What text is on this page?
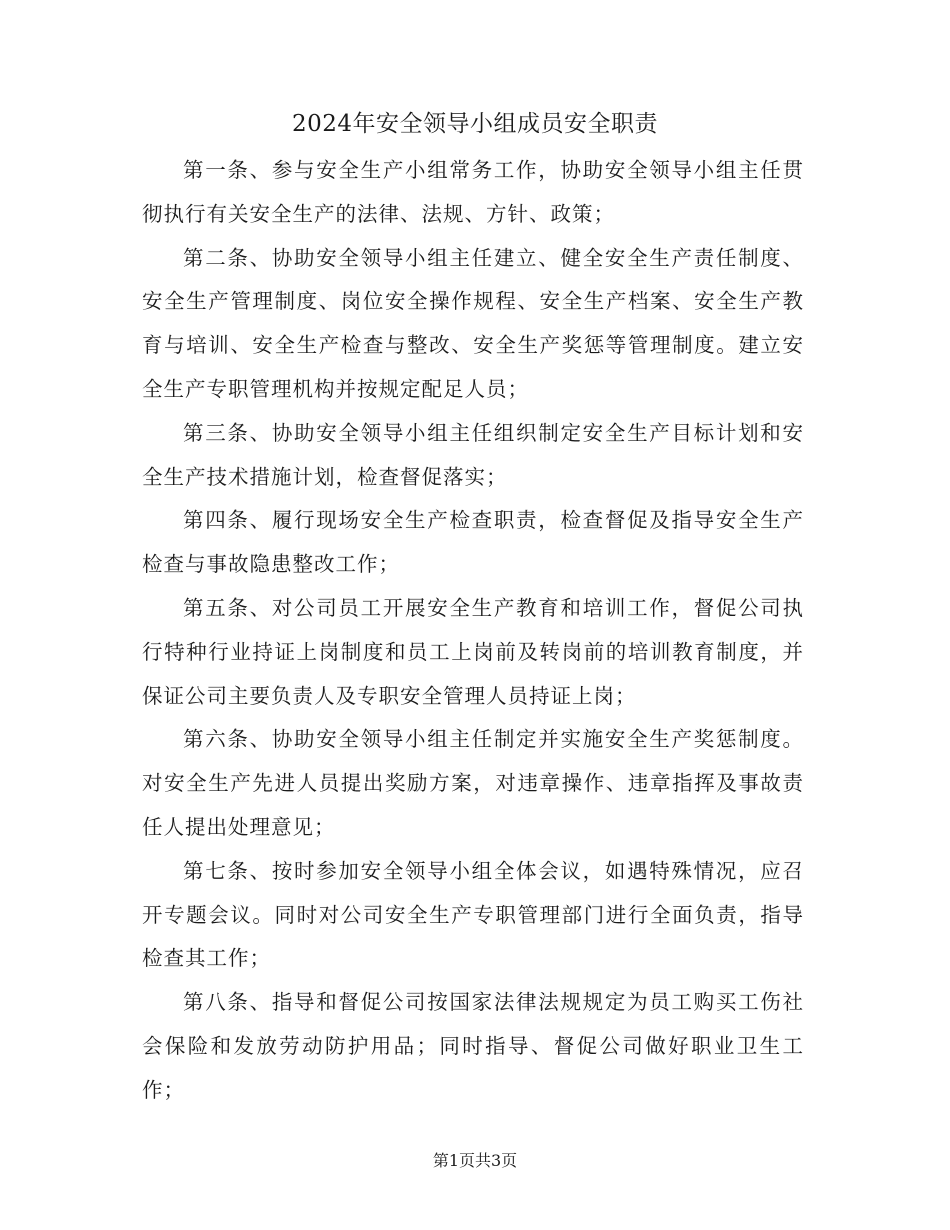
2024年安全领导小组成员安全职责

第一条、参与安全生产小组常务工作，协助安全领导小组主任贯彻执行有关安全生产的法律、法规、方针、政策；

第二条、协助安全领导小组主任建立、健全安全生产责任制度、安全生产管理制度、岗位安全操作规程、安全生产档案、安全生产教育与培训、安全生产检查与整改、安全生产奖惩等管理制度。建立安全生产专职管理机构并按规定配足人员；

第三条、协助安全领导小组主任组织制定安全生产目标计划和安全生产技术措施计划，检查督促落实；

第四条、履行现场安全生产检查职责，检查督促及指导安全生产检查与事故隐患整改工作；

第五条、对公司员工开展安全生产教育和培训工作，督促公司执行特种行业持证上岗制度和员工上岗前及转岗前的培训教育制度，并保证公司主要负责人及专职安全管理人员持证上岗；

第六条、协助安全领导小组主任制定并实施安全生产奖惩制度。对安全生产先进人员提出奖励方案，对违章操作、违章指挥及事故责任人提出处理意见；

第七条、按时参加安全领导小组全体会议，如遇特殊情况，应召开专题会议。同时对公司安全生产专职管理部门进行全面负责，指导检查其工作；

第八条、指导和督促公司按国家法律法规规定为员工购买工伤社会保险和发放劳动防护用品；同时指导、督促公司做好职业卫生工作；

第1页共3页
